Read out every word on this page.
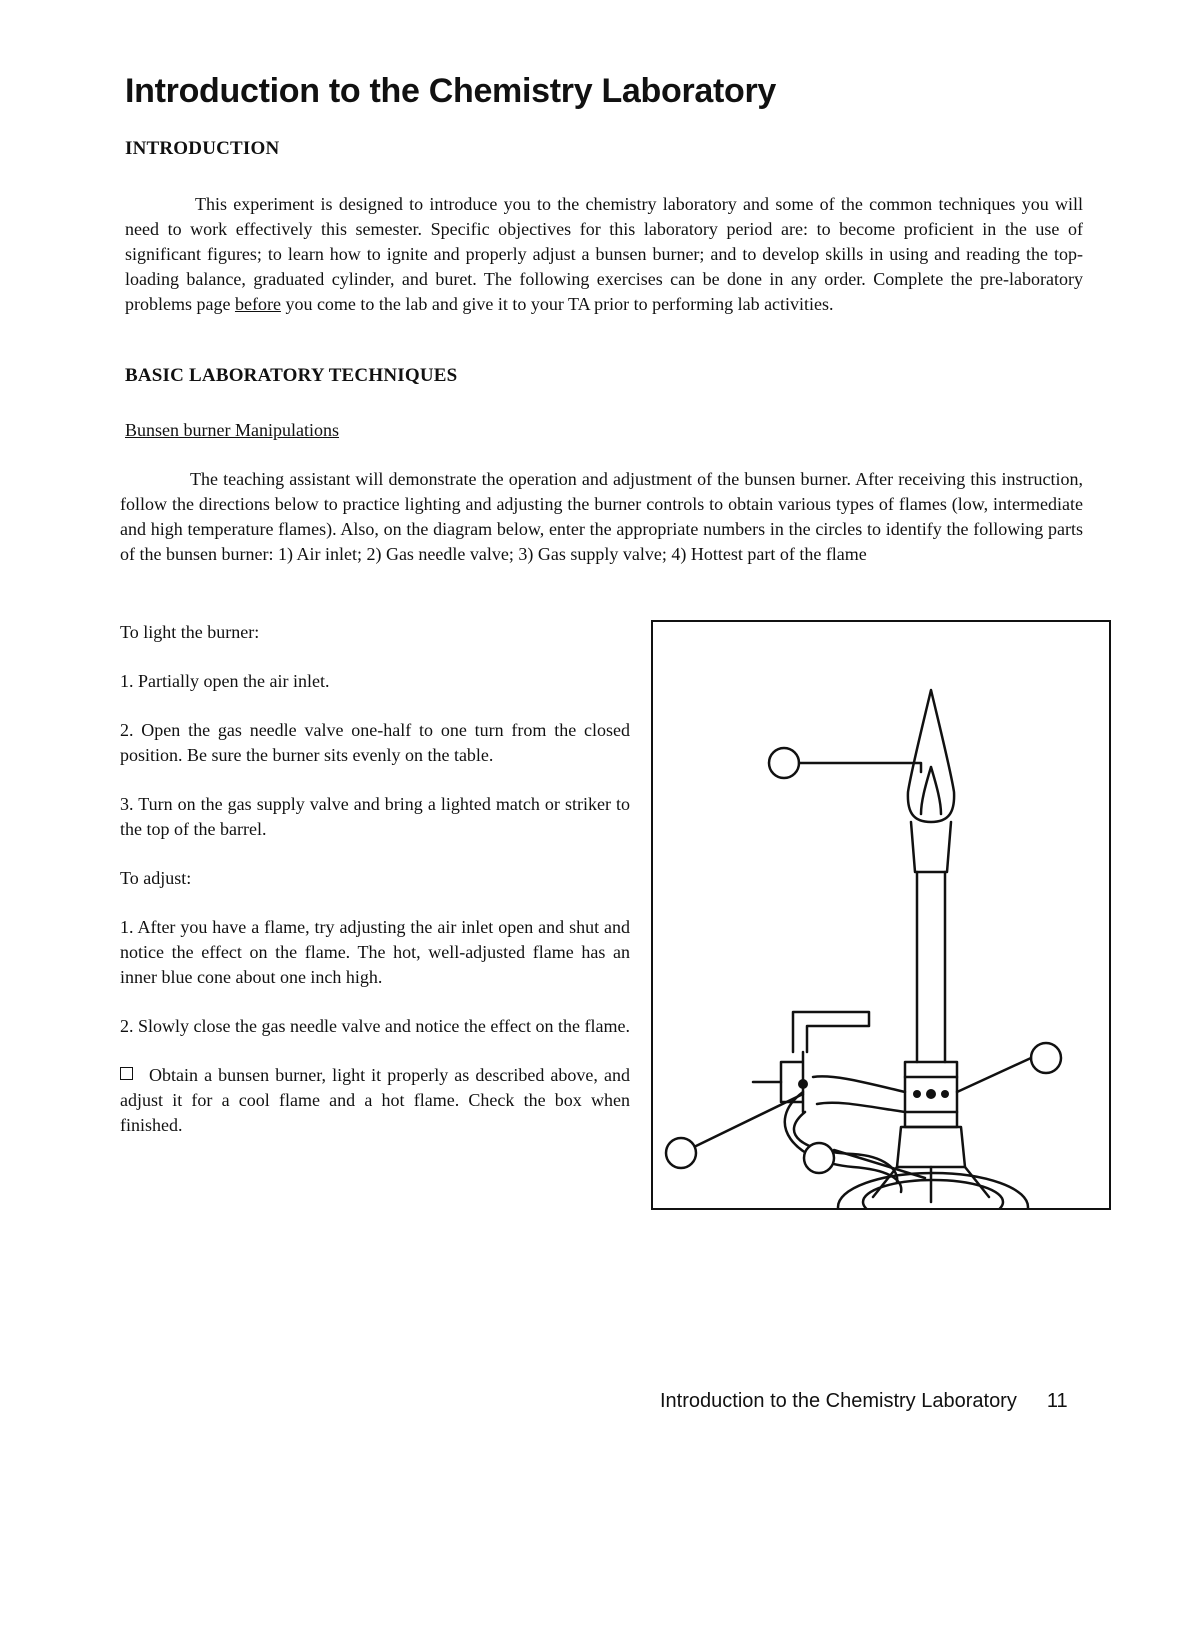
Introduction to the Chemistry Laboratory
INTRODUCTION

This experiment is designed to introduce you to the chemistry laboratory and some of the common techniques you will need to work effectively this semester. Specific objectives for this laboratory period are: to become proficient in the use of significant figures; to learn how to ignite and properly adjust a bunsen burner; and to develop skills in using and reading the top-loading balance, graduated cylinder, and buret. The following exercises can be done in any order. Complete the pre-laboratory problems page before you come to the lab and give it to your TA prior to performing lab activities.

BASIC LABORATORY TECHNIQUES

Bunsen burner Manipulations

The teaching assistant will demonstrate the operation and adjustment of the bunsen burner. After receiving this instruction, follow the directions below to practice lighting and adjusting the burner controls to obtain various types of flames (low, intermediate and high temperature flames). Also, on the diagram below, enter the appropriate numbers in the circles to identify the following parts of the bunsen burner: 1) Air inlet; 2) Gas needle valve; 3) Gas supply valve; 4) Hottest part of the flame

To light the burner:

1. Partially open the air inlet.

2. Open the gas needle valve one-half to one turn from the closed position. Be sure the burner sits evenly on the table.

3. Turn on the gas supply valve and bring a lighted match or striker to the top of the barrel.

To adjust:

1. After you have a flame, try adjusting the air inlet open and shut and notice the effect on the flame. The hot, well-adjusted flame has an inner blue cone about one inch high.

2. Slowly close the gas needle valve and notice the effect on the flame.

Obtain a bunsen burner, light it properly as described above, and adjust it for a cool flame and a hot flame. Check the box when finished.

Introduction to the Chemistry Laboratory 11
